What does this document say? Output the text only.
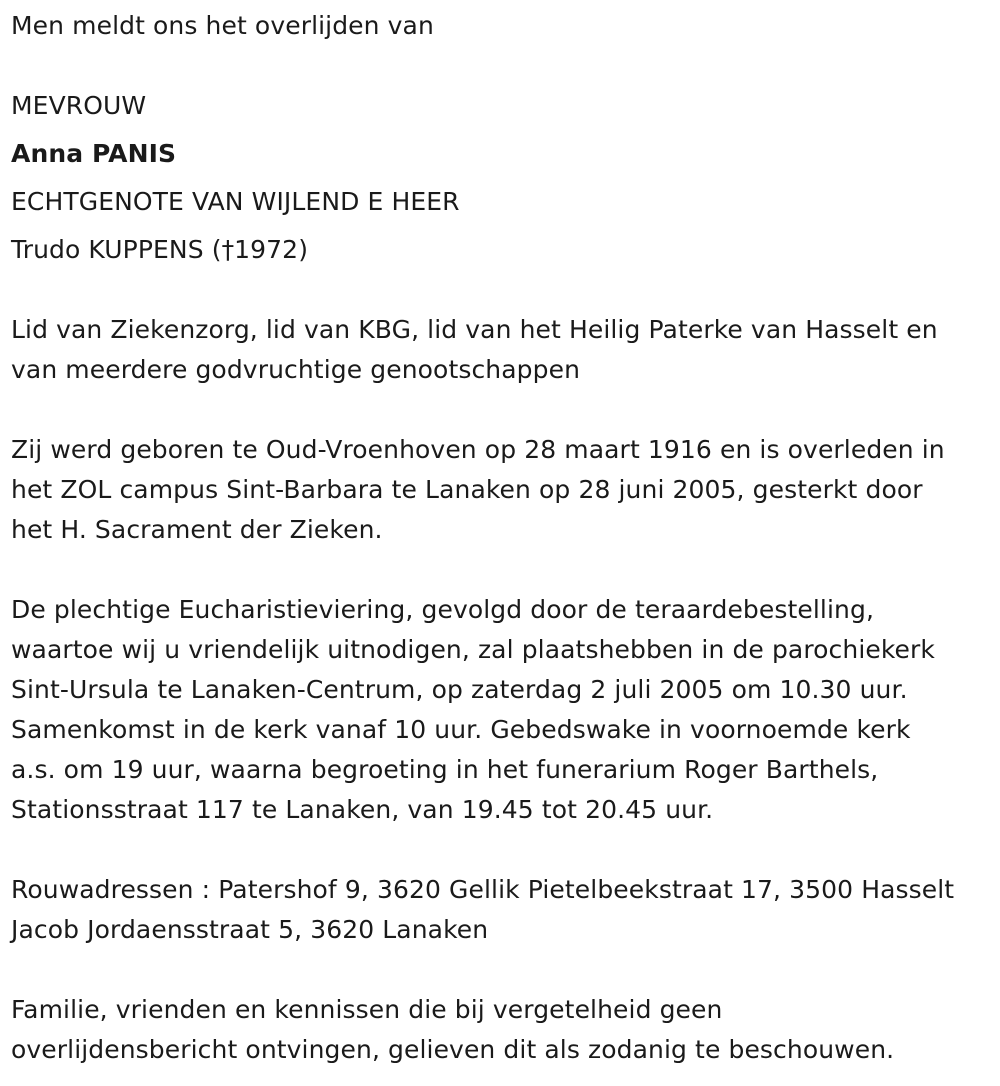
Men meldt ons het overlijden van
MEVROUW
Anna PANIS
ECHTGENOTE VAN WIJLEND E HEER
Trudo KUPPENS (†1972)
Lid van Ziekenzorg, lid van KBG, lid van het Heilig Paterke van Hasselt en
van meerdere godvruchtige genootschappen
Zij werd geboren te Oud-Vroenhoven op 28 maart 1916 en is overleden in
het ZOL campus Sint-Barbara te Lanaken op 28 juni 2005, gesterkt door
het H. Sacrament der Zieken.
De plechtige Eucharistieviering, gevolgd door de teraardebestelling,
waartoe wij u vriendelijk uitnodigen, zal plaatshebben in de parochiekerk
Sint-Ursula te Lanaken-Centrum, op zaterdag 2 juli 2005 om 10.30 uur.
Samenkomst in de kerk vanaf 10 uur. Gebedswake in voornoemde kerk
a.s. om 19 uur, waarna begroeting in het funerarium Roger Barthels,
Stationsstraat 117 te Lanaken, van 19.45 tot 20.45 uur.
Rouwadressen : Patershof 9, 3620 Gellik Pietelbeekstraat 17, 3500 Hasselt
Jacob Jordaensstraat 5, 3620 Lanaken
Familie, vrienden en kennissen die bij vergetelheid geen
overlijdensbericht ontvingen, gelieven dit als zodanig te beschouwen.
